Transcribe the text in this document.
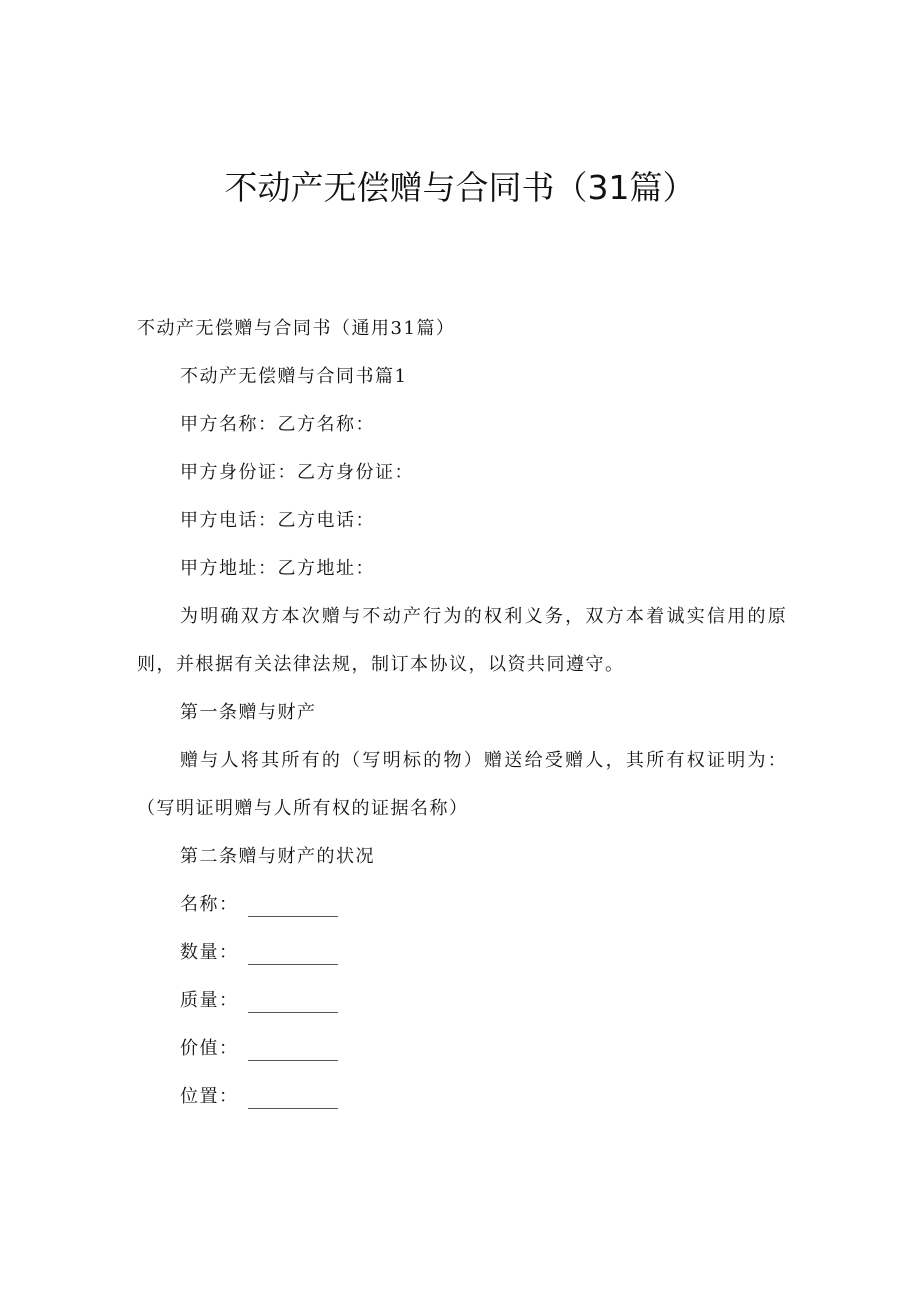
不动产无偿赠与合同书（31篇）
不动产无偿赠与合同书（通用31篇）
不动产无偿赠与合同书篇1
甲方名称：乙方名称：
甲方身份证：乙方身份证：
甲方电话：乙方电话：
甲方地址：乙方地址：
为明确双方本次赠与不动产行为的权利义务，双方本着诚实信用的原
则，并根据有关法律法规，制订本协议，以资共同遵守。
第一条赠与财产
赠与人将其所有的（写明标的物）赠送给受赠人，其所有权证明为：
（写明证明赠与人所有权的证据名称）
第二条赠与财产的状况
名称：
数量：
质量：
价值：
位置：
